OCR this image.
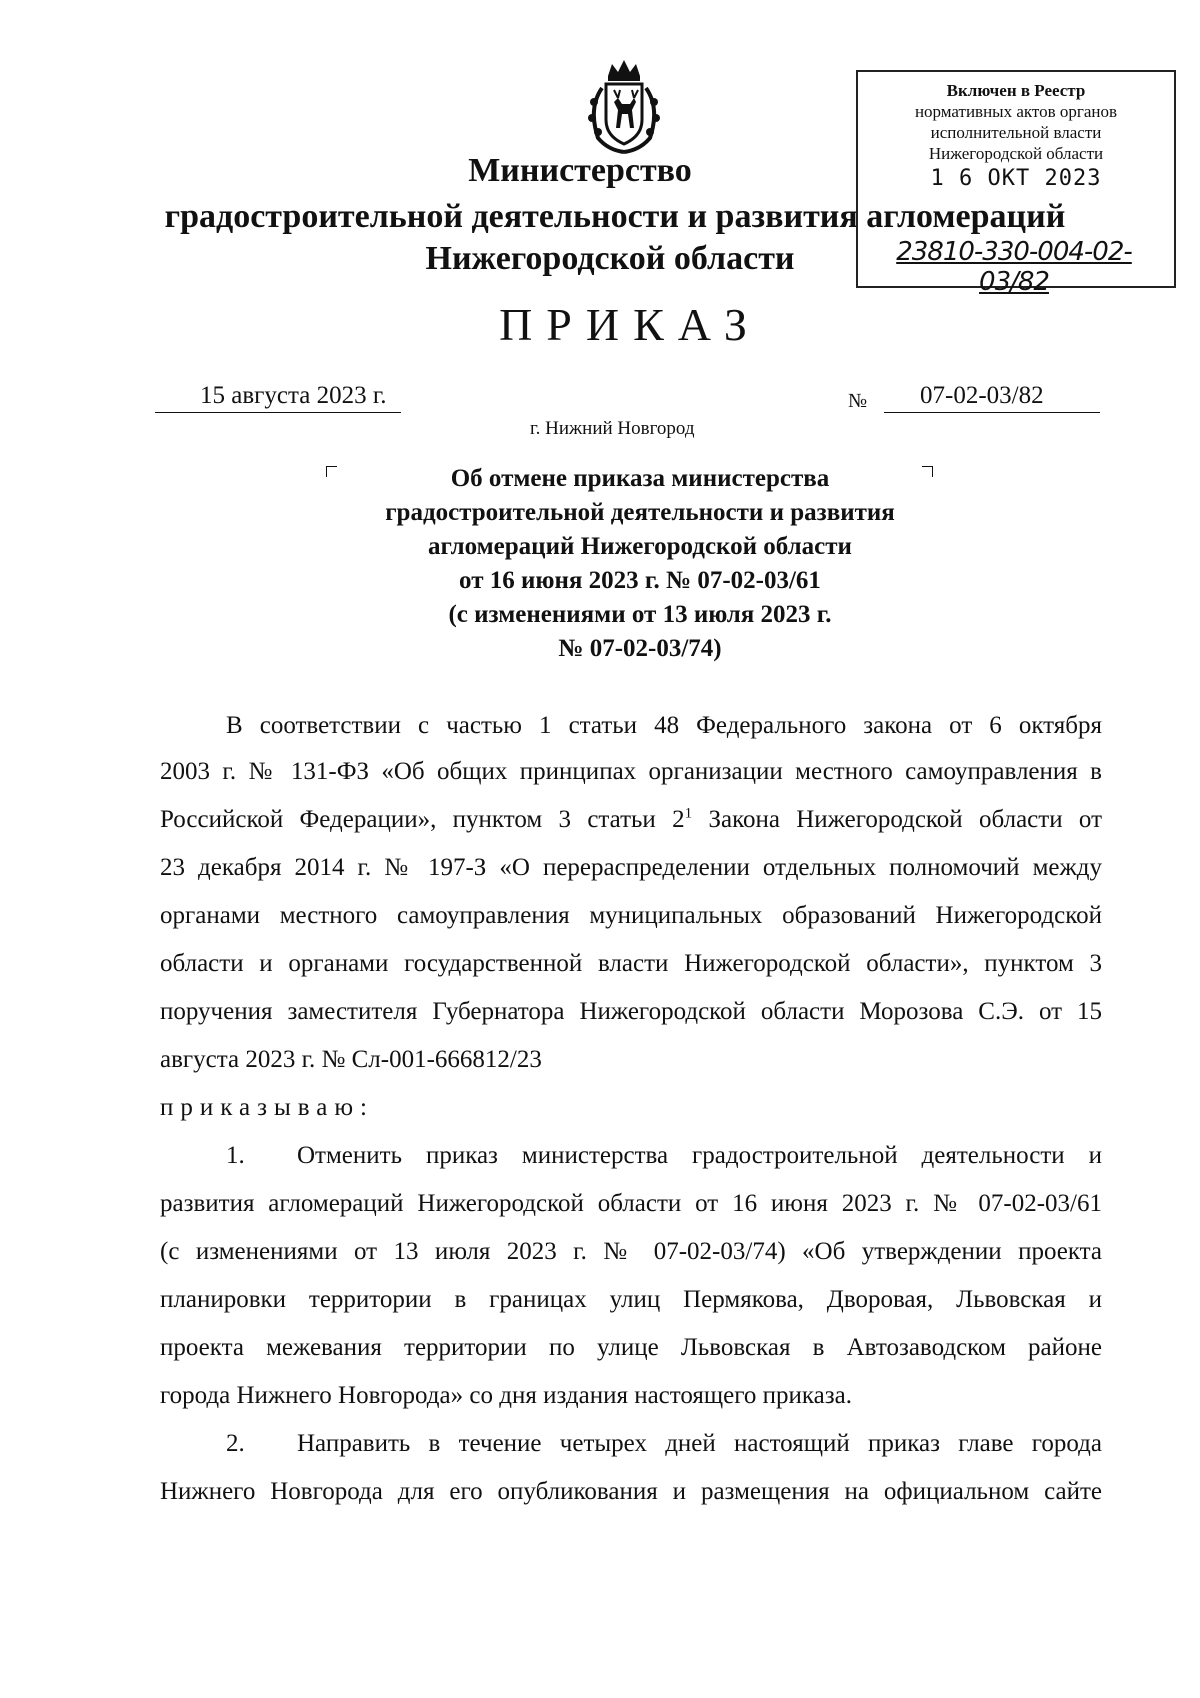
Министерство
градостроительной деятельности и развития агломераций
Нижегородской области
Включен в Реестр
нормативных актов органов
исполнительной власти
Нижегородской области
1 6 ОКТ 2023
23810-330-004-02-03/82
ПРИКАЗ
15 августа 2023 г.	№ 07-02-03/82
г. Нижний Новгород
Об отмене приказа министерства
градостроительной деятельности и развития
агломераций Нижегородской области
от 16 июня 2023 г. № 07-02-03/61
(с изменениями от 13 июля 2023 г.
№ 07-02-03/74)
В соответствии с частью 1 статьи 48 Федерального закона от 6 октября
2003 г. № 131-ФЗ «Об общих принципах организации местного самоуправления в
Российской Федерации», пунктом 3 статьи $2^1$ Закона Нижегородской области от
23 декабря 2014 г. № 197-З «О перераспределении отдельных полномочий между
органами местного самоуправления муниципальных образований Нижегородской
области и органами государственной власти Нижегородской области», пунктом 3
поручения заместителя Губернатора Нижегородской области Морозова С.Э. от 15
августа 2023 г. № Сл-001-666812/23
приказываю:
1. Отменить приказ министерства градостроительной деятельности и
развития агломераций Нижегородской области от 16 июня 2023 г. № 07-02-03/61
(с изменениями от 13 июля 2023 г. № 07-02-03/74) «Об утверждении проекта
планировки территории в границах улиц Пермякова, Дворовая, Львовская и
проекта межевания территории по улице Львовская в Автозаводском районе
города Нижнего Новгорода» со дня издания настоящего приказа.
2. Направить в течение четырех дней настоящий приказ главе города
Нижнего Новгорода для его опубликования и размещения на официальном сайте
